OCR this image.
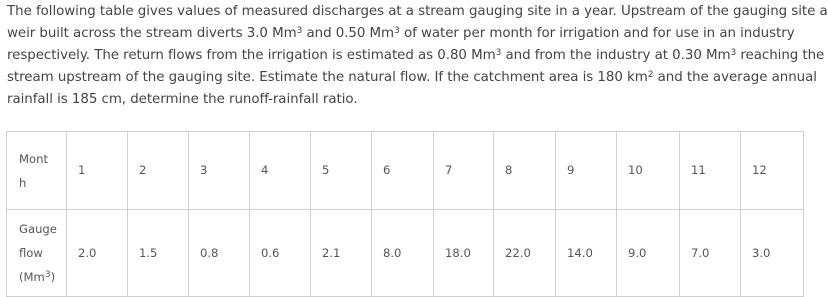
The following table gives values of measured discharges at a stream gauging site in a year. Upstream of the gauging site a
weir built across the stream diverts 3.0 Mm$^3$ and 0.50 Mm$^3$ of water per month for irrigation and for use in an industry
respectively. The return flows from the irrigation is estimated as 0.80 Mm$^3$ and from the industry at 0.30 Mm$^3$ reaching the
stream upstream of the gauging site. Estimate the natural flow. If the catchment area is 180 $km^2$ and the average annual
rainfall is 185 cm, determine the runoff-rainfall ratio.
Mont
h	1	2	3	4	5	6	7	8	9	10	11	12

Gauge
flow
(Mm$^3$)	2.0	1.5	0.8	0.6	2.1	8.0	18.0	22.0	14.0	9.0	7.0	3.0
